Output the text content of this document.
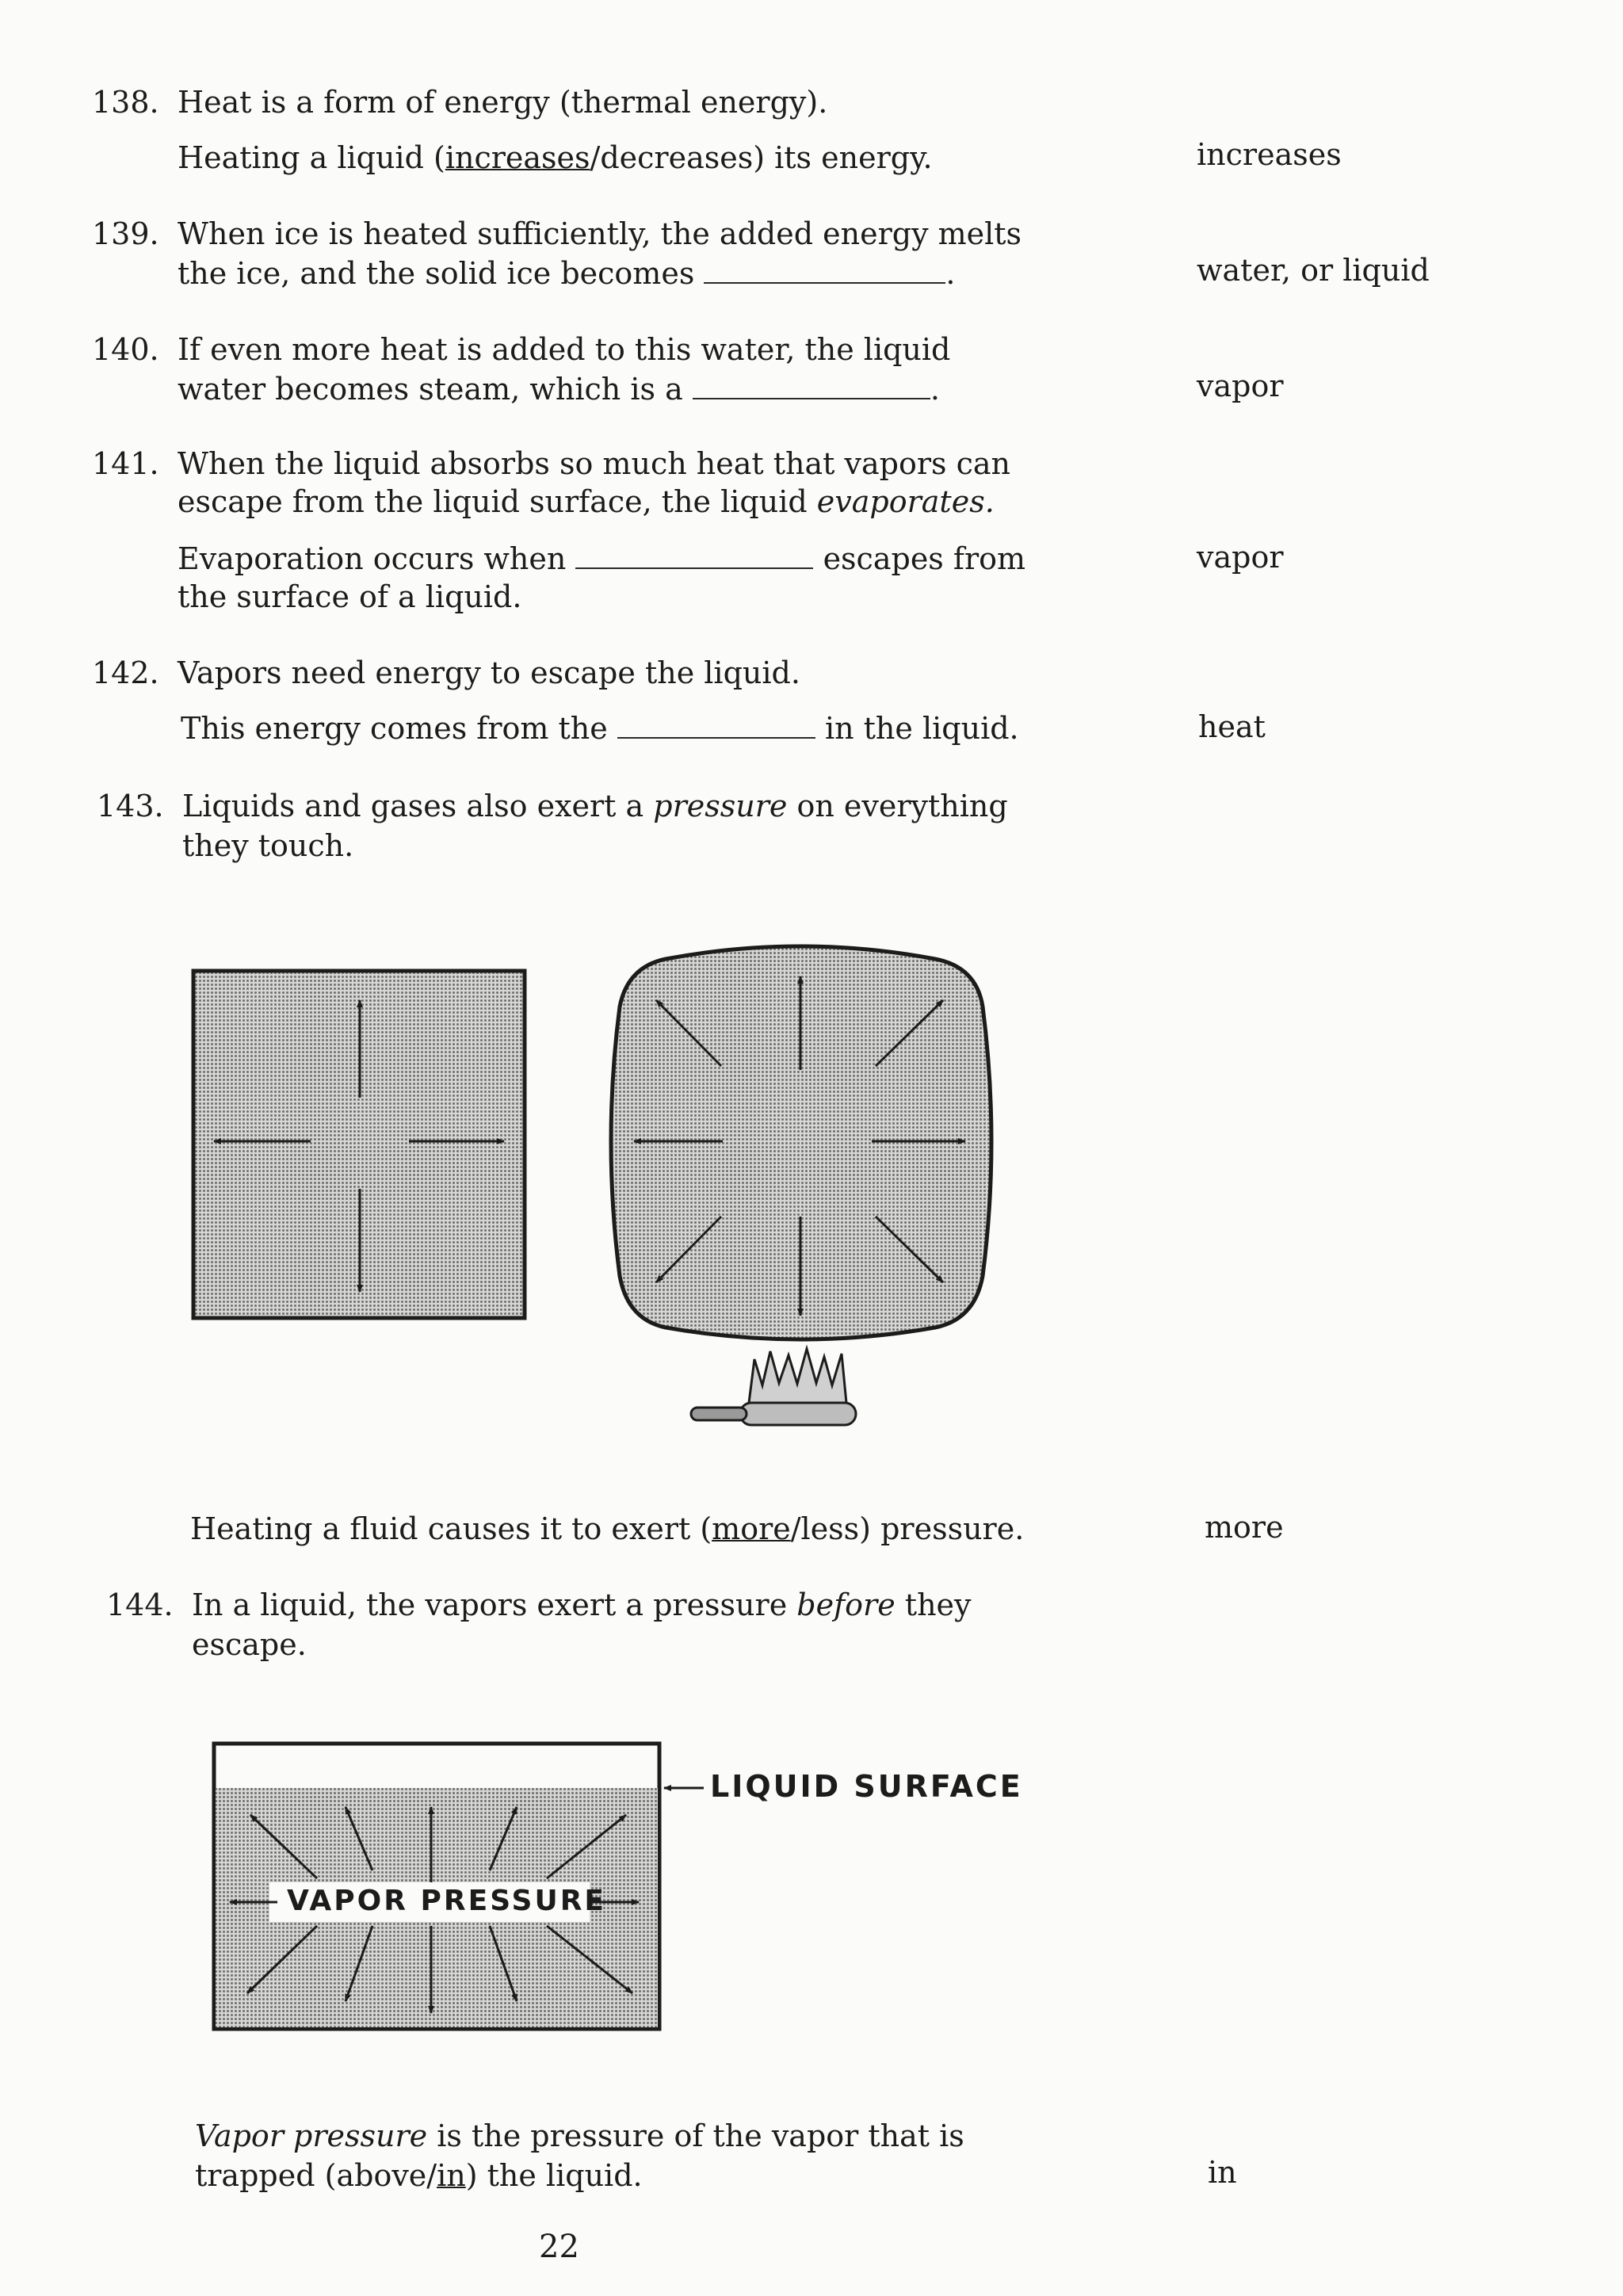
138. Heat is a form of energy (thermal energy).
Heating a liquid (increases/decreases) its energy.	increases
139. When ice is heated sufficiently, the added energy melts
the ice, and the solid ice becomes	.	water, or liquid
140. If even more heat is added to this water, the liquid
water becomes steam, which is a	.	vapor
141. When the liquid absorbs so much heat that vapors can
escape from the liquid surface, the liquid evaporates.
Evaporation occurs when	escapes from
the surface of a liquid.
vapor
142. Vapors need energy to escape the liquid.
This energy comes from the	in the liquid.	heat
143. Liquids and gases also exert a pressure on everything
they touch.
Heating a fluid causes it to exert (more/less) pressure.	more
144. In a liquid, the vapors exert a pressure before they
escape.
LIQUID SURFACE
VAPOR PRESSURE
Vapor pressure is the pressure of the vapor that is
trapped (above/in) the liquid.	in
22
